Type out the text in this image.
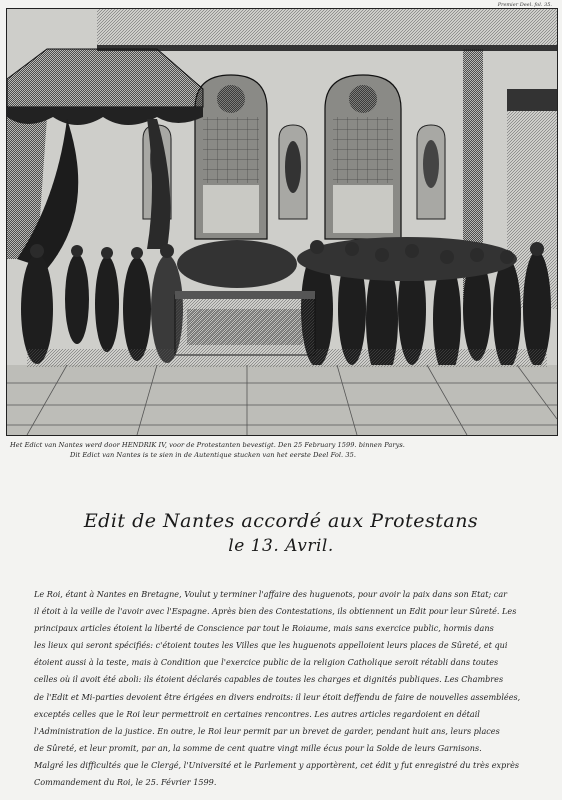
Premier Deel. fol. 35.
Het Edict van Nantes werd door HENDRIK IV, voor de Protestanten bevestigt. Den 25 February 1599. binnen Parys.
Dit Edict van Nantes is te sien in de Autentique stucken van het eerste Deel Fol. 35.
Edit de Nantes accordé aux Protestans
le 13. Avril.
Le Roi, étant à Nantes en Bretagne, Voulut y terminer l'affaire des huguenots, pour avoir la paix dans son Etat; car
il étoit à la veille de l'avoir avec l'Espagne. Après bien des Contestations, ils obtiennent un Edit pour leur Sûreté. Les
principaux articles étoient la liberté de Conscience par tout le Roiaume, mais sans exercice public, hormis dans
les lieux qui seront spécifiés: c'étoient toutes les Villes que les huguenots appelloient leurs places de Sûreté, et qui
étoient aussi à la teste, mais à Condition que l'exercice public de la religion Catholique seroit rétabli dans toutes
celles où il avoit été aboli: ils étoient déclarés capables de toutes les charges et dignités publiques. Les Chambres
de l'Edit et Mi-parties devoient être érigées en divers endroits: il leur étoit deffendu de faire de nouvelles assemblées,
exceptés celles que le Roi leur permettroit en certaines rencontres. Les autres articles regardoient en détail
l'Administration de la justice. En outre, le Roi leur permit par un brevet de garder, pendant huit ans, leurs places
de Sûreté, et leur promit, par an, la somme de cent quatre vingt mille écus pour la Solde de leurs Garnisons.
Malgré les difficultés que le Clergé, l'Université et le Parlement y apportèrent, cet édit y fut enregistré du très exprès
Commandement du Roi, le 25. Février 1599.
